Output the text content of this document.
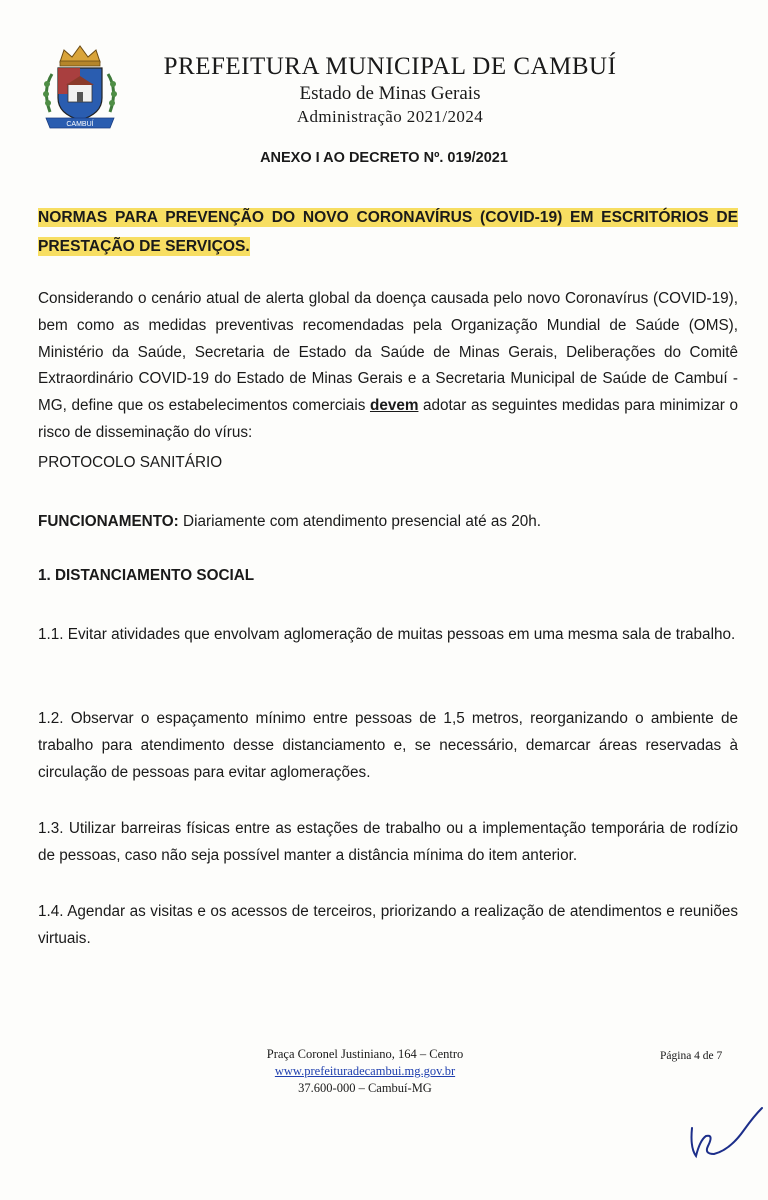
CAMBUÍ
PREFEITURA MUNICIPAL DE CAMBUÍ
Estado de Minas Gerais
Administração 2021/2024
ANEXO I AO DECRETO Nº. 019/2021
NORMAS PARA PREVENÇÃO DO NOVO CORONAVÍRUS (COVID-19) EM ESCRITÓRIOS DE PRESTAÇÃO DE SERVIÇOS.
Considerando o cenário atual de alerta global da doença causada pelo novo Coronavírus (COVID-19), bem como as medidas preventivas recomendadas pela Organização Mundial de Saúde (OMS), Ministério da Saúde, Secretaria de Estado da Saúde de Minas Gerais, Deliberações do Comitê Extraordinário COVID-19 do Estado de Minas Gerais e a Secretaria Municipal de Saúde de Cambuí - MG, define que os estabelecimentos comerciais devem adotar as seguintes medidas para minimizar o risco de disseminação do vírus:
PROTOCOLO SANITÁRIO
FUNCIONAMENTO: Diariamente com atendimento presencial até as 20h.
1. DISTANCIAMENTO SOCIAL
1.1. Evitar atividades que envolvam aglomeração de muitas pessoas em uma mesma sala de trabalho.
1.2. Observar o espaçamento mínimo entre pessoas de 1,5 metros, reorganizando o ambiente de trabalho para atendimento desse distanciamento e, se necessário, demarcar áreas reservadas à circulação de pessoas para evitar aglomerações.
1.3. Utilizar barreiras físicas entre as estações de trabalho ou a implementação temporária de rodízio de pessoas, caso não seja possível manter a distância mínima do item anterior.
1.4. Agendar as visitas e os acessos de terceiros, priorizando a realização de atendimentos e reuniões virtuais.
Praça Coronel Justiniano, 164 – Centro
www.prefeituradecambui.mg.gov.br
37.600-000 – Cambuí-MG
Página 4 de 7
